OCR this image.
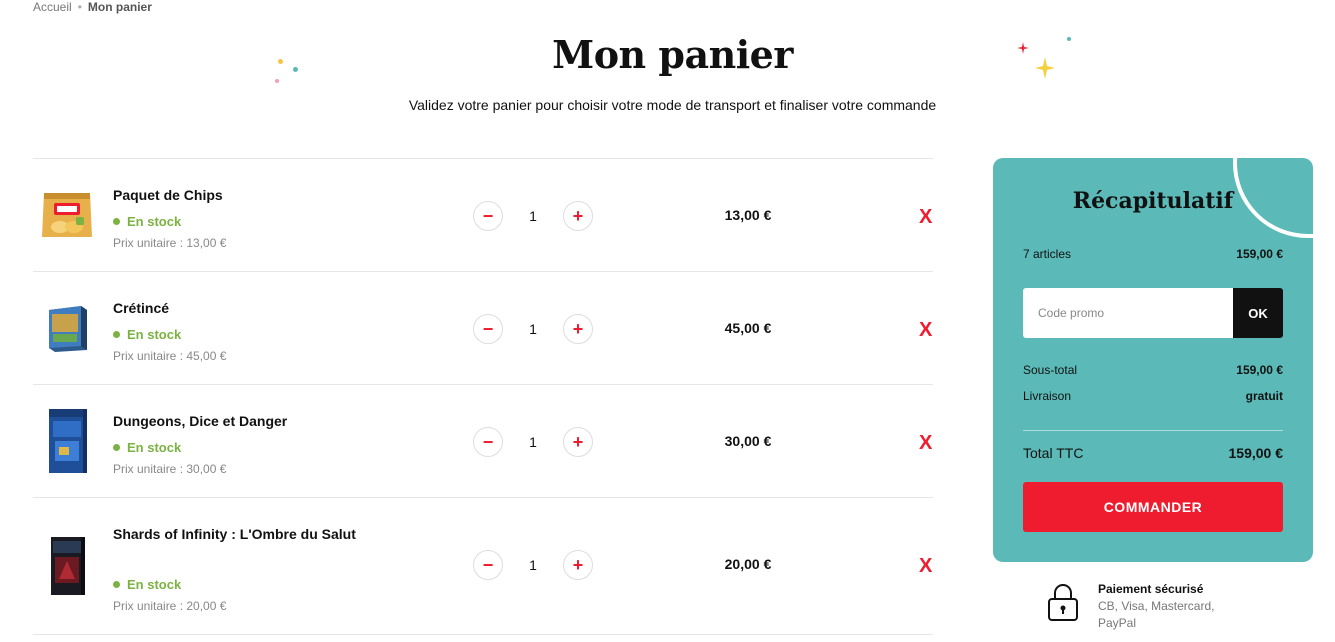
Accueil • Mon panier
Mon panier

Validez votre panier pour choisir votre mode de transport et finaliser votre commande

Paquet de Chips
En stock
Prix unitaire : 13,00 €
−	1	+	13,00 €	X
Crétincé
En stock
Prix unitaire : 45,00 €
−	1	+	45,00 €	X
Dungeons, Dice et Danger
En stock
Prix unitaire : 30,00 €
−	1	+	30,00 €	X
Shards of Infinity : L'Ombre du Salut
En stock
Prix unitaire : 20,00 €
−	1	+	20,00 €	X
Récapitulatif
7 articles	159,00 €
Code promo
OK
Sous-total	159,00 €
Livraison	gratuit
Total TTC	159,00 €
COMMANDER
Paiement sécurisé
CB, Visa, Mastercard, PayPal
